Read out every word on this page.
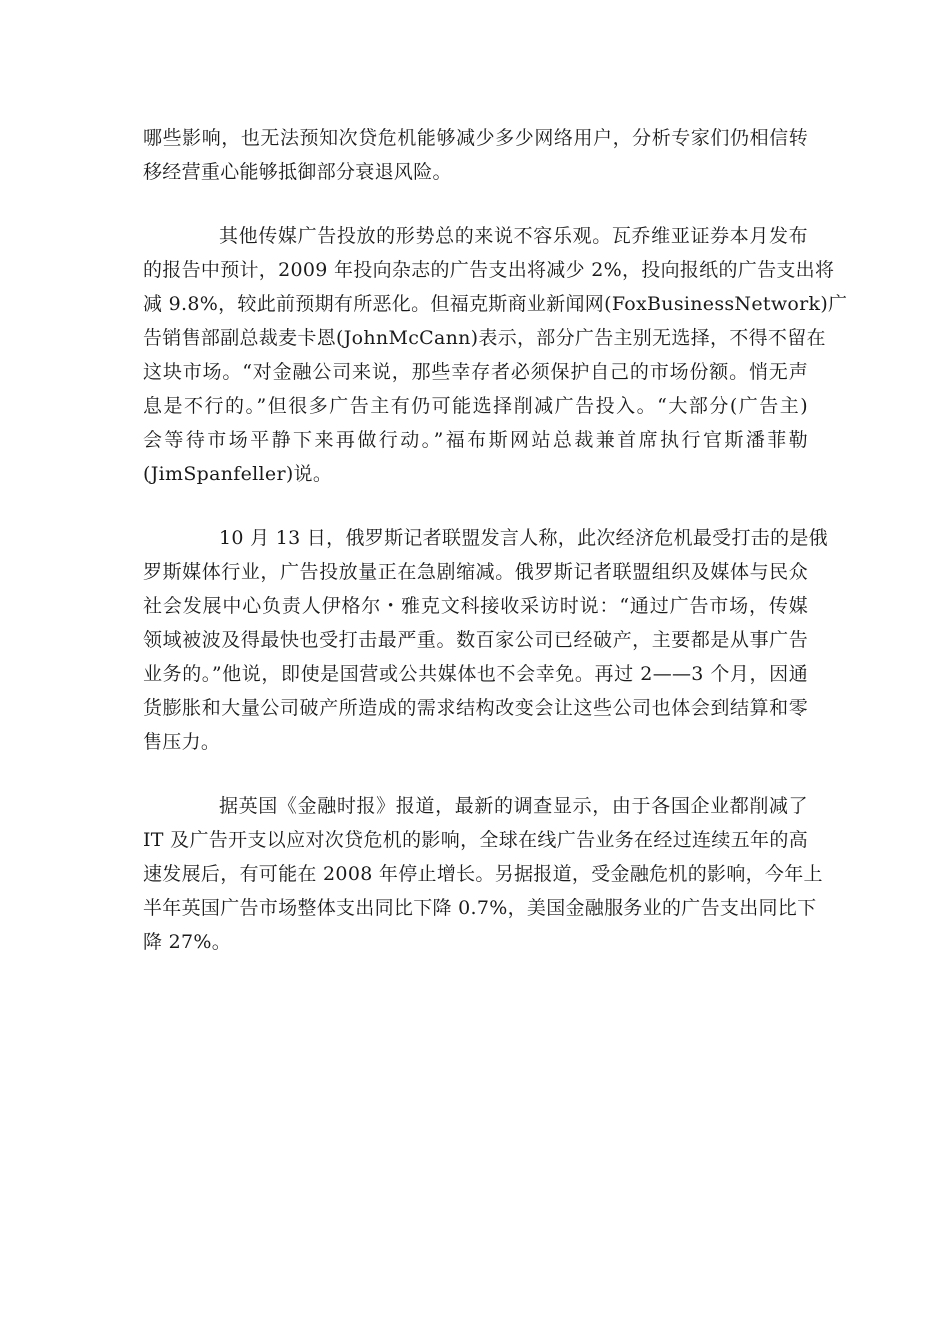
哪些影响，也无法预知次贷危机能够减少多少网络用户，分析专家们仍相信转
移经营重心能够抵御部分衰退风险。
其他传媒广告投放的形势总的来说不容乐观。瓦乔维亚证券本月发布
的报告中预计，2009 年投向杂志的广告支出将减少 2%，投向报纸的广告支出将
减 9.8%，较此前预期有所恶化。但福克斯商业新闻网(FoxBusinessNetwork)广
告销售部副总裁麦卡恩(JohnMcCann)表示，部分广告主别无选择，不得不留在
这块市场。“对金融公司来说，那些幸存者必须保护自己的市场份额。悄无声
息是不行的。”但很多广告主有仍可能选择削减广告投入。“大部分(广告主)
会等待市场平静下来再做行动。”福布斯网站总裁兼首席执行官斯潘菲勒
(JimSpanfeller)说。
10 月 13 日，俄罗斯记者联盟发言人称，此次经济危机最受打击的是俄
罗斯媒体行业，广告投放量正在急剧缩减。俄罗斯记者联盟组织及媒体与民众
社会发展中心负责人伊格尔・雅克文科接收采访时说：“通过广告市场，传媒
领域被波及得最快也受打击最严重。数百家公司已经破产，主要都是从事广告
业务的。”他说，即使是国营或公共媒体也不会幸免。再过 2——3 个月，因通
货膨胀和大量公司破产所造成的需求结构改变会让这些公司也体会到结算和零
售压力。
据英国《金融时报》报道，最新的调查显示，由于各国企业都削减了
IT 及广告开支以应对次贷危机的影响，全球在线广告业务在经过连续五年的高
速发展后，有可能在 2008 年停止增长。另据报道，受金融危机的影响，今年上
半年英国广告市场整体支出同比下降 0.7%，美国金融服务业的广告支出同比下
降 27%。
